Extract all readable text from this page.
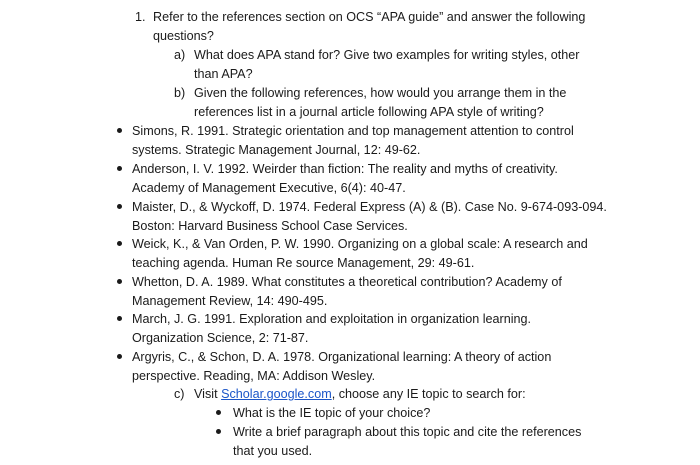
1. Refer to the references section on OCS “APA guide” and answer the following
questions?
a) What does APA stand for? Give two examples for writing styles, other
than APA?
b) Given the following references, how would you arrange them in the
references list in a journal article following APA style of writing?
Simons, R. 1991. Strategic orientation and top management attention to control
systems. Strategic Management Journal, 12: 49-62.
Anderson, I. V. 1992. Weirder than fiction: The reality and myths of creativity.
Academy of Management Executive, 6(4): 40-47.
Maister, D., & Wyckoff, D. 1974. Federal Express (A) & (B). Case No. 9-674-093-094.
Boston: Harvard Business School Case Services.
Weick, K., & Van Orden, P. W. 1990. Organizing on a global scale: A research and
teaching agenda. Human Re source Management, 29: 49-61.
Whetton, D. A. 1989. What constitutes a theoretical contribution? Academy of
Management Review, 14: 490-495.
March, J. G. 1991. Exploration and exploitation in organization learning.
Organization Science, 2: 71-87.
Argyris, C., & Schon, D. A. 1978. Organizational learning: A theory of action
perspective. Reading, MA: Addison Wesley.
c) Visit Scholar.google.com, choose any IE topic to search for:
What is the IE topic of your choice?
Write a brief paragraph about this topic and cite the references
that you used.
